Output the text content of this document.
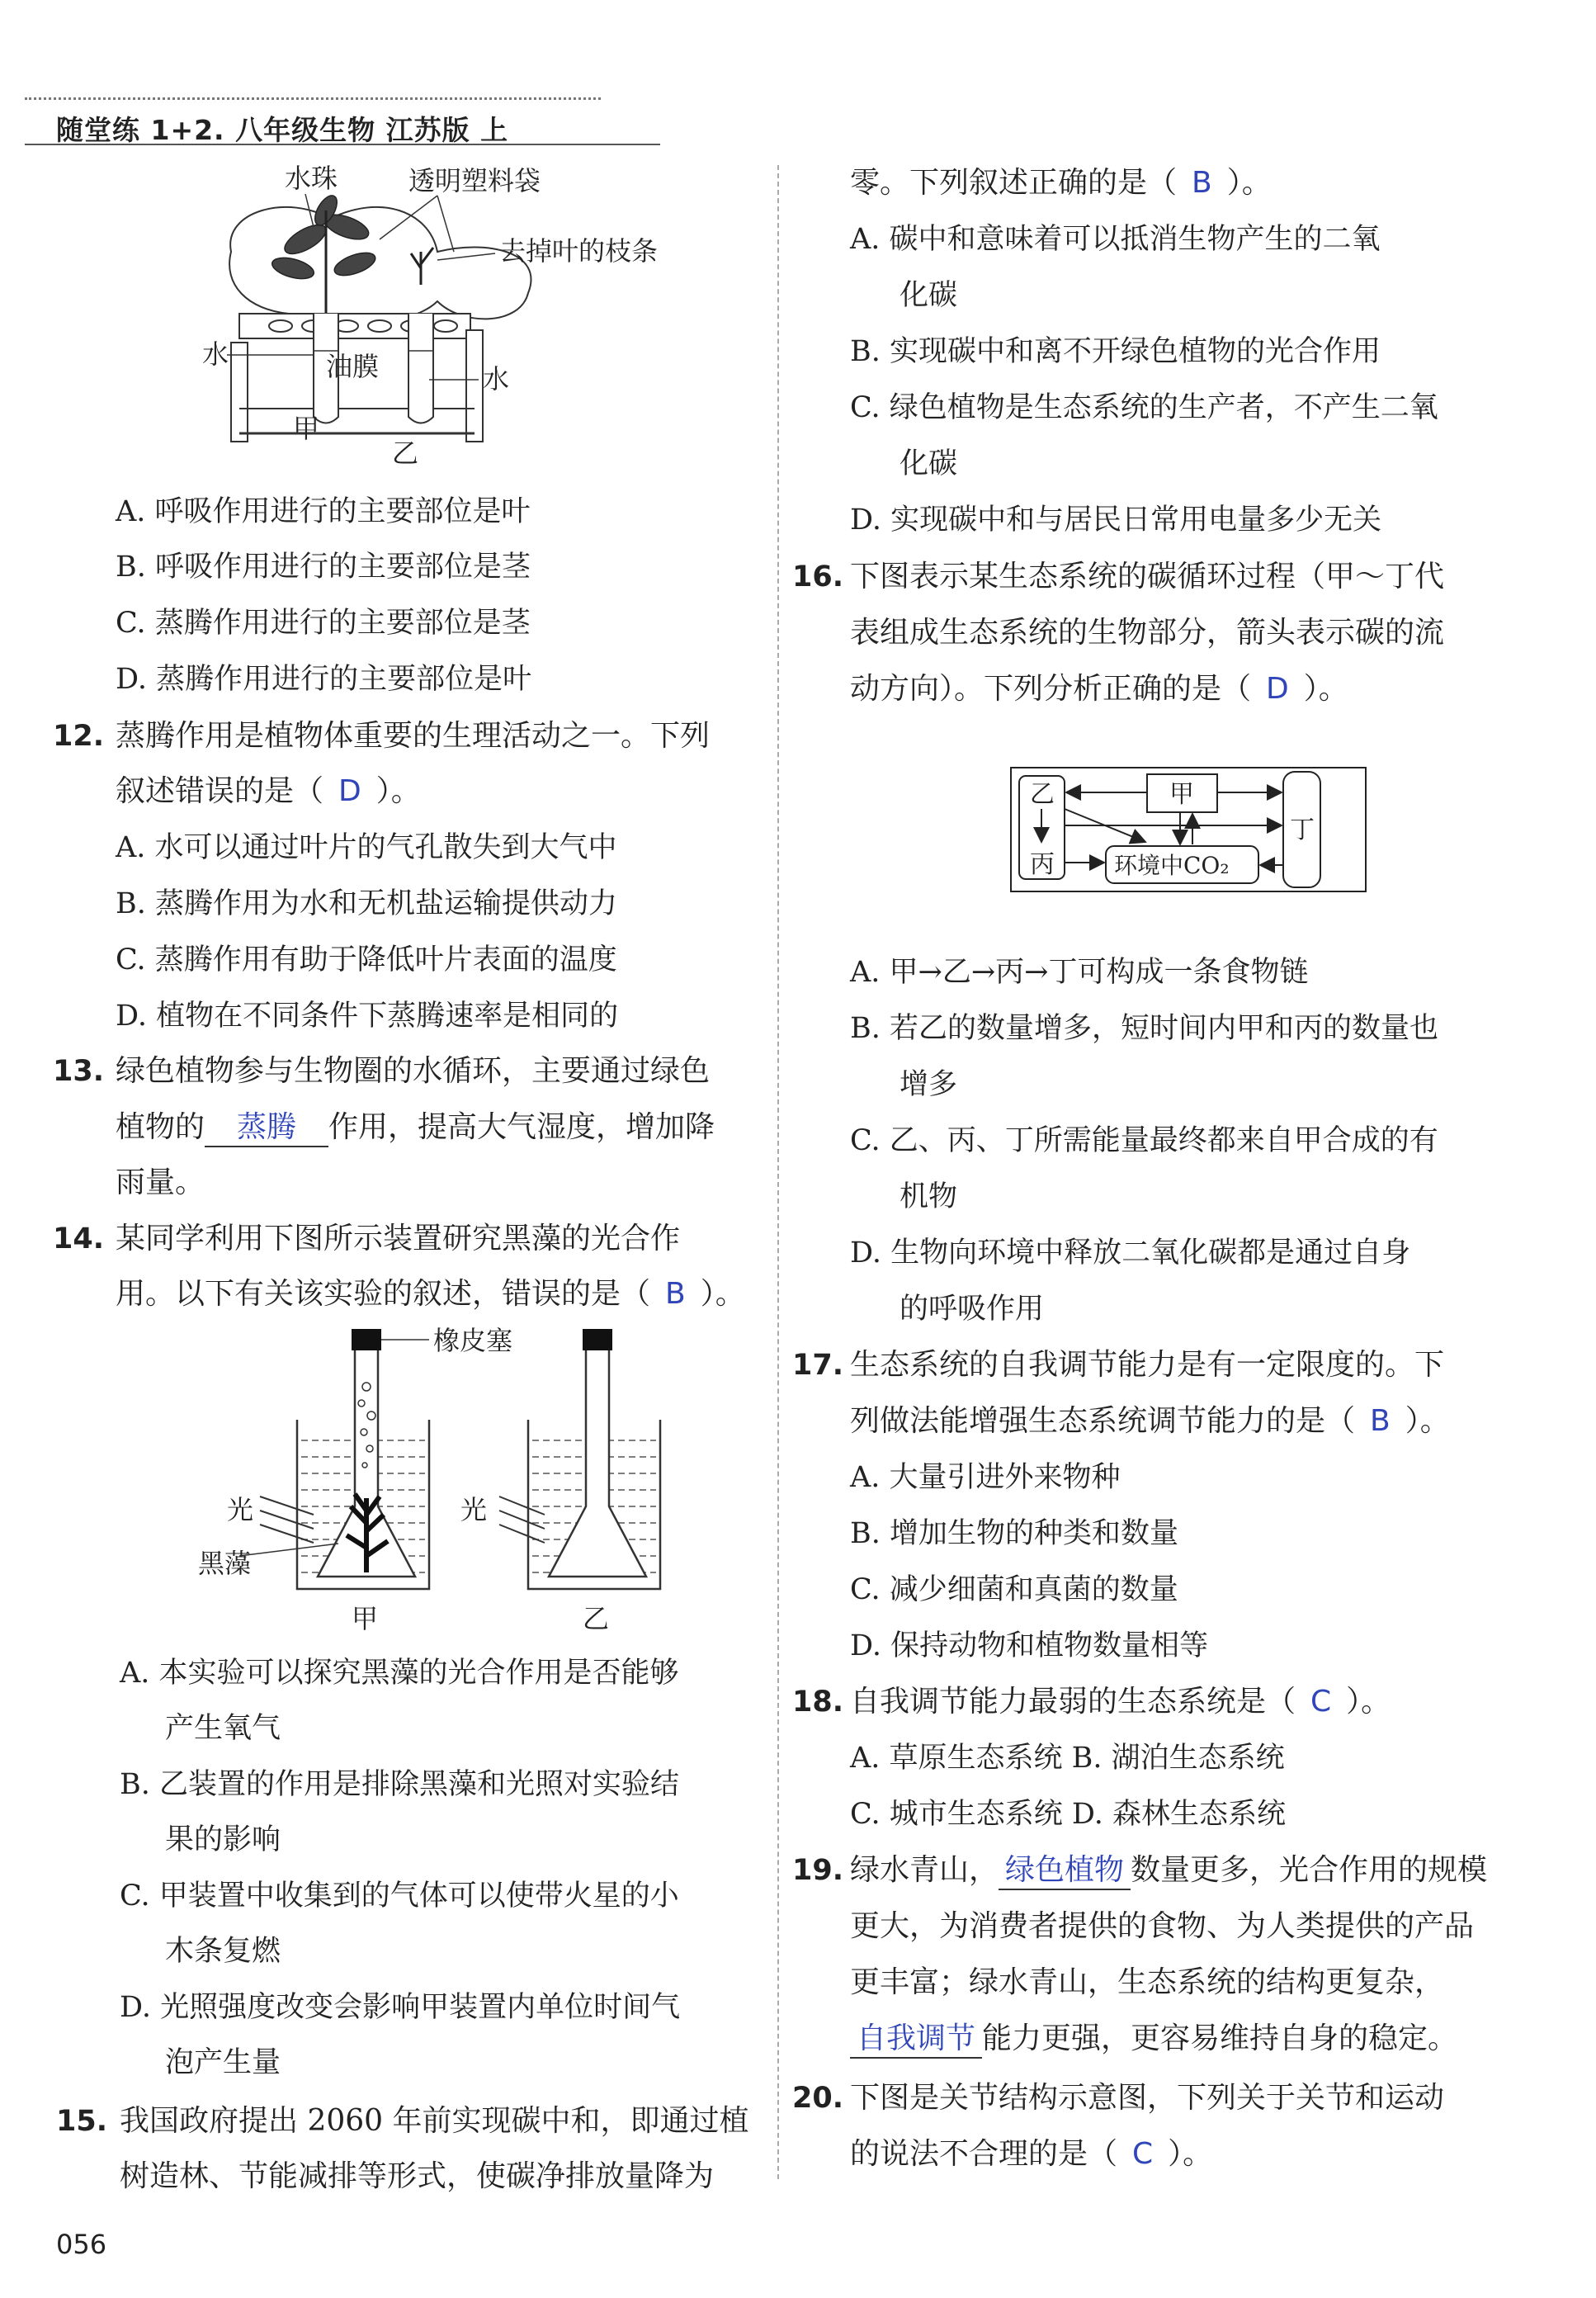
随堂练 1+2. 八年级生物 江苏版 上
水珠	透明塑料袋
去掉叶的枝条
水	油膜	水
甲
乙
A. 呼吸作用进行的主要部位是叶
B. 呼吸作用进行的主要部位是茎
C. 蒸腾作用进行的主要部位是茎
D. 蒸腾作用进行的主要部位是叶
12. 蒸腾作用是植物体重要的生理活动之一。下列
叙述错误的是（ D ）。
A. 水可以通过叶片的气孔散失到大气中
B. 蒸腾作用为水和无机盐运输提供动力
C. 蒸腾作用有助于降低叶片表面的温度
D. 植物在不同条件下蒸腾速率是相同的
13. 绿色植物参与生物圈的水循环，主要通过绿色
植物的 蒸腾 作用，提高大气湿度，增加降
雨量。
14. 某同学利用下图所示装置研究黑藻的光合作
用。以下有关该实验的叙述，错误的是（ B ）。
橡皮塞
光
黑藻
光
甲	乙
A. 本实验可以探究黑藻的光合作用是否能够
产生氧气
B. 乙装置的作用是排除黑藻和光照对实验结
果的影响
C. 甲装置中收集到的气体可以使带火星的小
木条复燃
D. 光照强度改变会影响甲装置内单位时间气
泡产生量
15. 我国政府提出 2060 年前实现碳中和，即通过植
树造林、节能减排等形式，使碳净排放量降为
056
零。下列叙述正确的是（ B ）。
A. 碳中和意味着可以抵消生物产生的二氧
化碳
B. 实现碳中和离不开绿色植物的光合作用
C. 绿色植物是生态系统的生产者，不产生二氧
化碳
D. 实现碳中和与居民日常用电量多少无关
16. 下图表示某生态系统的碳循环过程（甲～丁代
表组成生态系统的生物部分，箭头表示碳的流
动方向）。下列分析正确的是（ D ）。
乙
丙
甲
丁
环境中CO₂
A. 甲→乙→丙→丁可构成一条食物链
B. 若乙的数量增多，短时间内甲和丙的数量也
增多
C. 乙、丙、丁所需能量最终都来自甲合成的有
机物
D. 生物向环境中释放二氧化碳都是通过自身
的呼吸作用
17. 生态系统的自我调节能力是有一定限度的。下
列做法能增强生态系统调节能力的是（ B ）。
A. 大量引进外来物种
B. 增加生物的种类和数量
C. 减少细菌和真菌的数量
D. 保持动物和植物数量相等
18. 自我调节能力最弱的生态系统是（ C ）。
A. 草原生态系统 B. 湖泊生态系统
C. 城市生态系统 D. 森林生态系统
19. 绿水青山， 绿色植物 数量更多，光合作用的规模
更大，为消费者提供的食物、为人类提供的产品
更丰富；绿水青山，生态系统的结构更复杂，
自我调节 能力更强，更容易维持自身的稳定。
20. 下图是关节结构示意图，下列关于关节和运动
的说法不合理的是（ C ）。
